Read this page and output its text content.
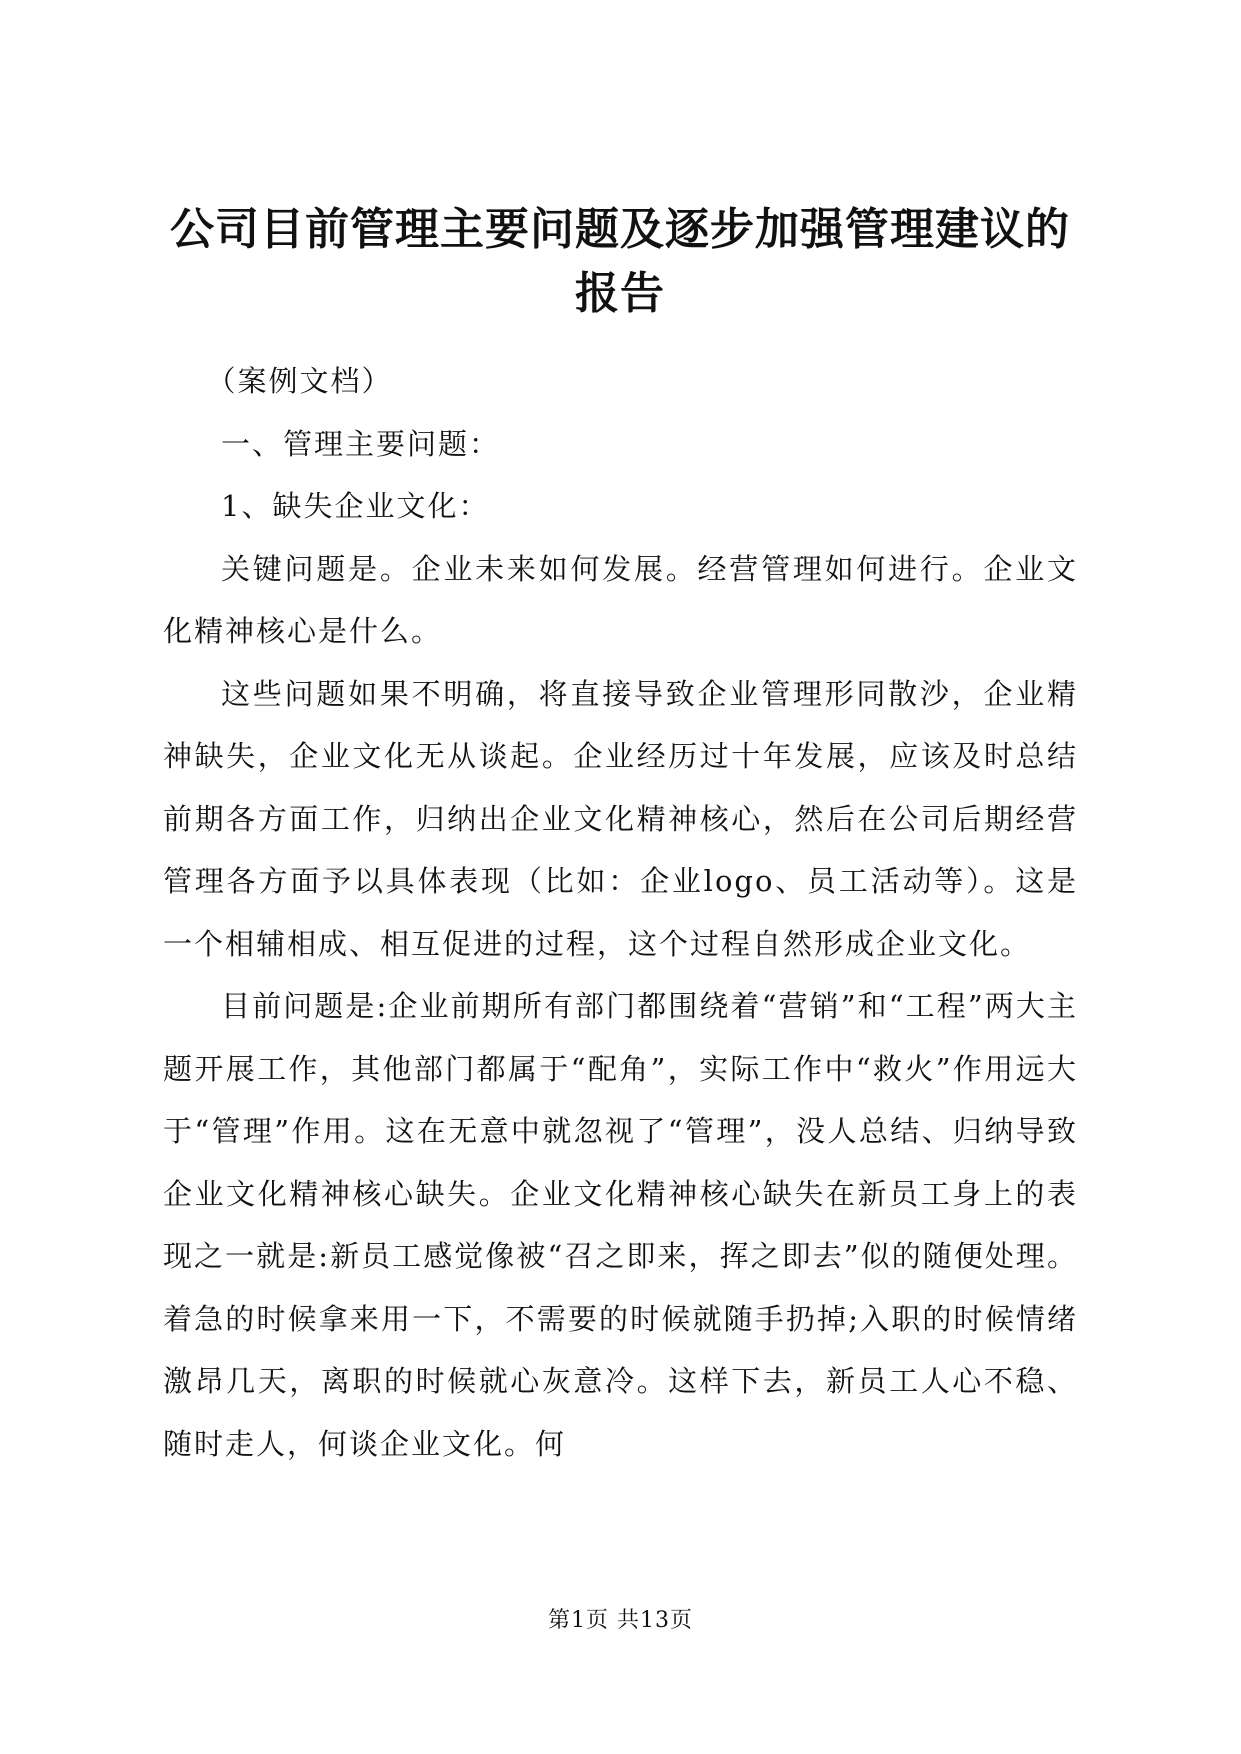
公司目前管理主要问题及逐步加强管理建议的报告

（案例文档）

一、管理主要问题：

1、缺失企业文化：

关键问题是。企业未来如何发展。经营管理如何进行。企业文化精神核心是什么。

这些问题如果不明确，将直接导致企业管理形同散沙，企业精神缺失，企业文化无从谈起。企业经历过十年发展，应该及时总结前期各方面工作，归纳出企业文化精神核心，然后在公司后期经营管理各方面予以具体表现（比如：企业logo、员工活动等）。这是一个相辅相成、相互促进的过程，这个过程自然形成企业文化。

目前问题是:企业前期所有部门都围绕着“营销”和“工程”两大主题开展工作，其他部门都属于“配角”，实际工作中“救火”作用远大于“管理”作用。这在无意中就忽视了“管理”，没人总结、归纳导致企业文化精神核心缺失。企业文化精神核心缺失在新员工身上的表现之一就是:新员工感觉像被“召之即来，挥之即去”似的随便处理。着急的时候拿来用一下，不需要的时候就随手扔掉;入职的时候情绪激昂几天，离职的时候就心灰意冷。这样下去，新员工人心不稳、随时走人，何谈企业文化。何

第1页 共13页
